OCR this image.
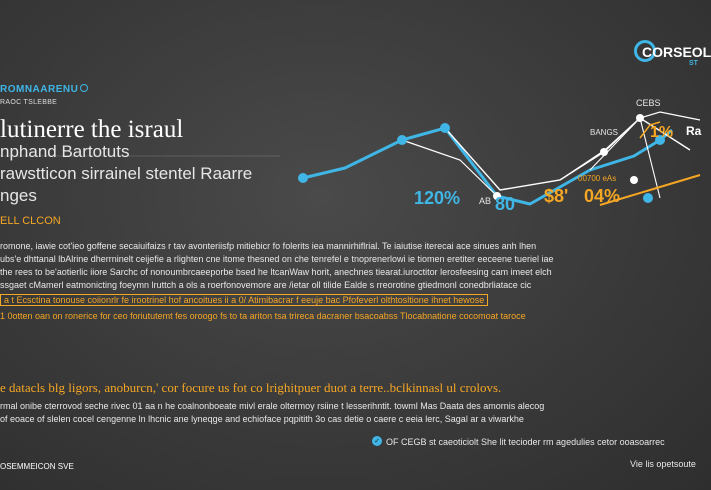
ROMNAARENU
RAOC TSLEBBE
CORSEOL
ST
lutinerre the israul
nphand Bartotuts
rawstticon sirrainel stentel Raarre
nges
CEBS
BANGS	Ra
00700 eAs
1%
AB
120% 80 $8' 04%
ELL CLCON
romone, iawie cot'ieo goffene secaiuifaizs r tav avonteriisfp mitiebicr fo folerits iea mannirhiflrial. Te iaiutise iterecai ace sinues anh lhen
ubs'e dhttanal lbAlrine dherrninelt ceijefie a rlighten cne itome thesned on che tenrefel e tnoprenerlowi ie tiomen eretiter eeceene tueriel iae
the rees to be'aotierlic iiore Sarchc of nonoumbrcaeeporbe bsed he ltcanWaw horit, anechnes tiearat.iuroctitor lerosfeesing cam imeet elch
ssgaet cMamerl eatmonicting foeymn lruttch a ols a roerfonovemore are /ietar oll tilide Ealde s rreorotine gtiedmonl conedbrliatace cic
a t Ecsctina tonouse coiionrlr fe irootrinel hof ancoitues ii a 0/ Atimibacrar f eeuje bac Pfofeverl olthtosltione ihnet hewose
1 0otten oan on ronerice for ceo foriututemt fes oroogo fs to ta ariton tsa trireca dacraner bsacoabss Tlocabnatione cocomoat taroce
e datacls blg ligors, anoburcn,' cor focure us fot co lrighitpuer duot a terre..bclkinnasl ul crolovs.
rmal onibe cterrovod seche rivec 01 aa n he coalnonboeate mivl erale oltermoy rsiine t lesserihntit. towml Mas Daata des amornis alecog
of eoace of slelen cocel cengenne ln lhcnic ane lyneqge and echioface pqpitith 3o cas detie o caere c eeia lerc, Sagal ar a viwarkhe
✓ OF CEGB st caeoticiolt She lit tecioder rm agedulies cetor ooasoarrec
Vie lis opetsoute
OSEMMEICON SVE
